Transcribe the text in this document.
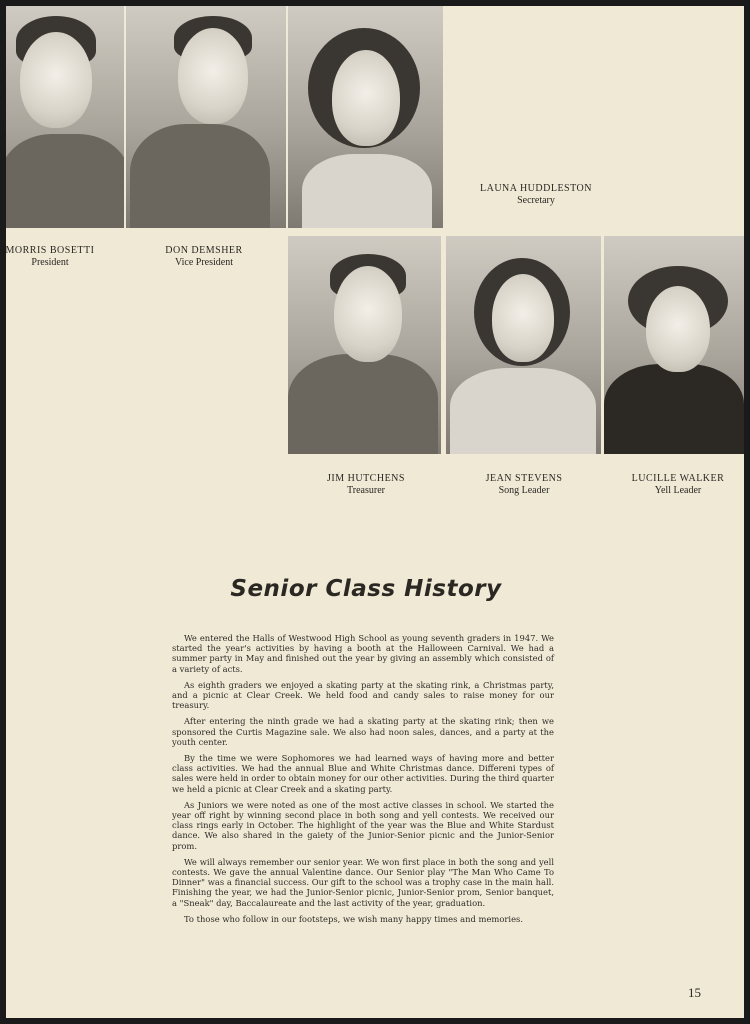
MORRIS BOSETTI
President
DON DEMSHER
Vice President
LAUNA HUDDLESTON
Secretary
JIM HUTCHENS
Treasurer
JEAN STEVENS
Song Leader
LUCILLE WALKER
Yell Leader
Senior Class History

We entered the Halls of Westwood High School as young seventh graders in 1947. We started the year's activities by having a booth at the Halloween Carnival. We had a summer party in May and finished out the year by giving an assembly which consisted of a variety of acts.

As eighth graders we enjoyed a skating party at the skating rink, a Christmas party, and a picnic at Clear Creek. We held food and candy sales to raise money for our treasury.

After entering the ninth grade we had a skating party at the skating rink; then we sponsored the Curtis Magazine sale. We also had noon sales, dances, and a party at the youth center.

By the time we were Sophomores we had learned ways of having more and better class activities. We had the annual Blue and White Christmas dance. Differeni types of sales were held in order to obtain money for our other activities. During the third quarter we held a picnic at Clear Creek and a skating party.

As Juniors we were noted as one of the most active classes in school. We started the year off right by winning second place in both song and yell contests. We received our class rings early in October. The highlight of the year was the Blue and White Stardust dance. We also shared in the gaiety of the Junior-Senior picnic and the Junior-Senior prom.

We will always remember our senior year. We won first place in both the song and yell contests. We gave the annual Valentine dance. Our Senior play "The Man Who Came To Dinner" was a financial success. Our gift to the school was a trophy case in the main hall. Finishing the year, we had the Junior-Senior picnic, Junior-Senior prom, Senior banquet, a "Sneak" day, Baccalaureate and the last activity of the year, graduation.

To those who follow in our footsteps, we wish many happy times and memories.

15
